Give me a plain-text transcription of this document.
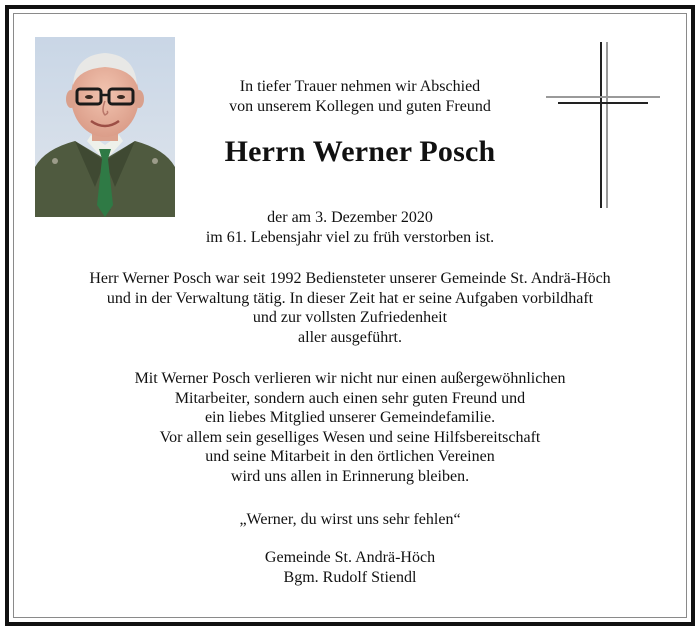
In tiefer Trauer nehmen wir Abschied
von unserem Kollegen und guten Freund
Herrn Werner Posch
der am 3. Dezember 2020
im 61. Lebensjahr viel zu früh verstorben ist.
Herr Werner Posch war seit 1992 Bediensteter unserer Gemeinde St. Andrä-Höch
und in der Verwaltung tätig. In dieser Zeit hat er seine Aufgaben vorbildhaft
und zur vollsten Zufriedenheit
aller ausgeführt.
Mit Werner Posch verlieren wir nicht nur einen außergewöhnlichen
Mitarbeiter, sondern auch einen sehr guten Freund und
ein liebes Mitglied unserer Gemeindefamilie.
Vor allem sein geselliges Wesen und seine Hilfsbereitschaft
und seine Mitarbeit in den örtlichen Vereinen
wird uns allen in Erinnerung bleiben.
„Werner, du wirst uns sehr fehlen“
Gemeinde St. Andrä-Höch
Bgm. Rudolf Stiendl
